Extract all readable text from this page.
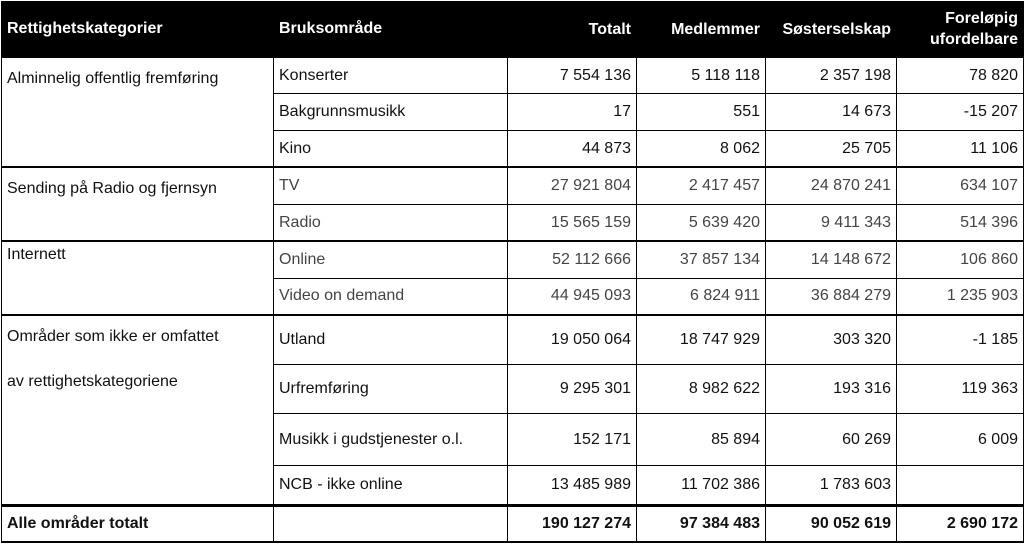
Rettighetskategorier	Bruksområde	Totalt	Medlemmer	Søsterselskap	Foreløpig
ufordelbare

Alminnelig offentlig fremføring	Konserter	7 554 136	5 118 118	2 357 198	78 820
	Bakgrunnsmusikk	17	551	14 673	-15 207
	Kino	44 873	8 062	25 705	11 106
Sending på Radio og fjernsyn	TV	27 921 804	2 417 457	24 870 241	634 107
	Radio	15 565 159	5 639 420	9 411 343	514 396
Internett	Online	52 112 666	37 857 134	14 148 672	106 860
	Video on demand	44 945 093	6 824 911	36 884 279	1 235 903

Områder som ikke er omfattet
av rettighetskategoriene	Utland	19 050 064	18 747 929	303 320	-1 185
	Urfremføring	9 295 301	8 982 622	193 316	119 363
	Musikk i gudstjenester o.l.	152 171	85 894	60 269	6 009
	NCB - ikke online	13 485 989	11 702 386	1 783 603	
Alle områder totalt		190 127 274	97 384 483	90 052 619	2 690 172
